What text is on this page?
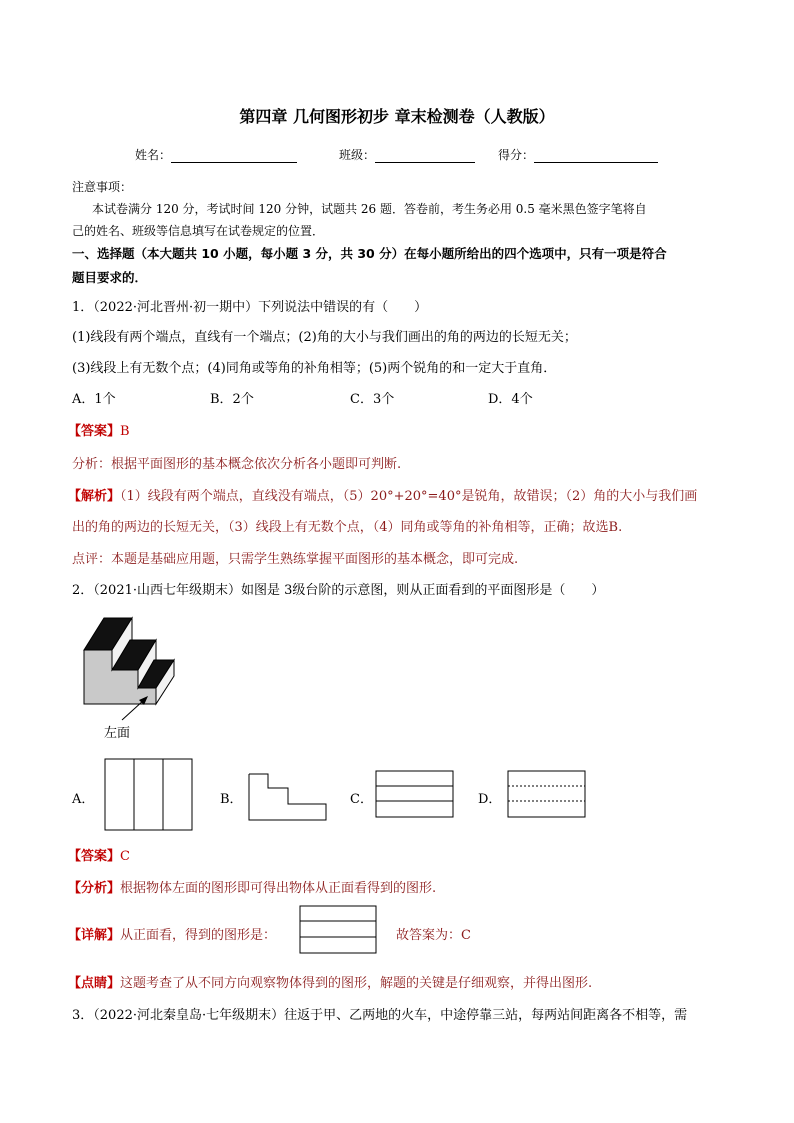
第四章 几何图形初步 章末检测卷（人教版）
姓名：	班级：	得分：
注意事项：
本试卷满分 120 分，考试时间 120 分钟，试题共 26 题．答卷前，考生务必用 0.5 毫米黑色签字笔将自
己的姓名、班级等信息填写在试卷规定的位置．
一、选择题（本大题共 10 小题，每小题 3 分，共 30 分）在每小题所给出的四个选项中，只有一项是符合
题目要求的．
1．（2022·河北晋州·初一期中）下列说法中错误的有（　　）
(1)线段有两个端点，直线有一个端点；(2)角的大小与我们画出的角的两边的长短无关；
(3)线段上有无数个点；(4)同角或等角的补角相等；(5)两个锐角的和一定大于直角．
A．1个	B．2个	C．3个	D．4个
【答案】B
分析：根据平面图形的基本概念依次分析各小题即可判断.
【解析】（1）线段有两个端点，直线没有端点，（5）20°+20°=40°是锐角，故错误；（2）角的大小与我们画
出的角的两边的长短无关，（3）线段上有无数个点，（4）同角或等角的补角相等，正确；故选B.
点评：本题是基础应用题，只需学生熟练掌握平面图形的基本概念，即可完成.
2．（2021·山西七年级期末）如图是 3级台阶的示意图，则从正面看到的平面图形是（　　）
左面
A．	B．	C．	D．
【答案】C
【分析】根据物体左面的图形即可得出物体从正面看得到的图形.
【详解】从正面看，得到的图形是：	故答案为：C
【点睛】这题考查了从不同方向观察物体得到的图形，解题的关键是仔细观察，并得出图形.
3．（2022·河北秦皇岛·七年级期末）往返于甲、乙两地的火车，中途停靠三站，每两站间距离各不相等，需
